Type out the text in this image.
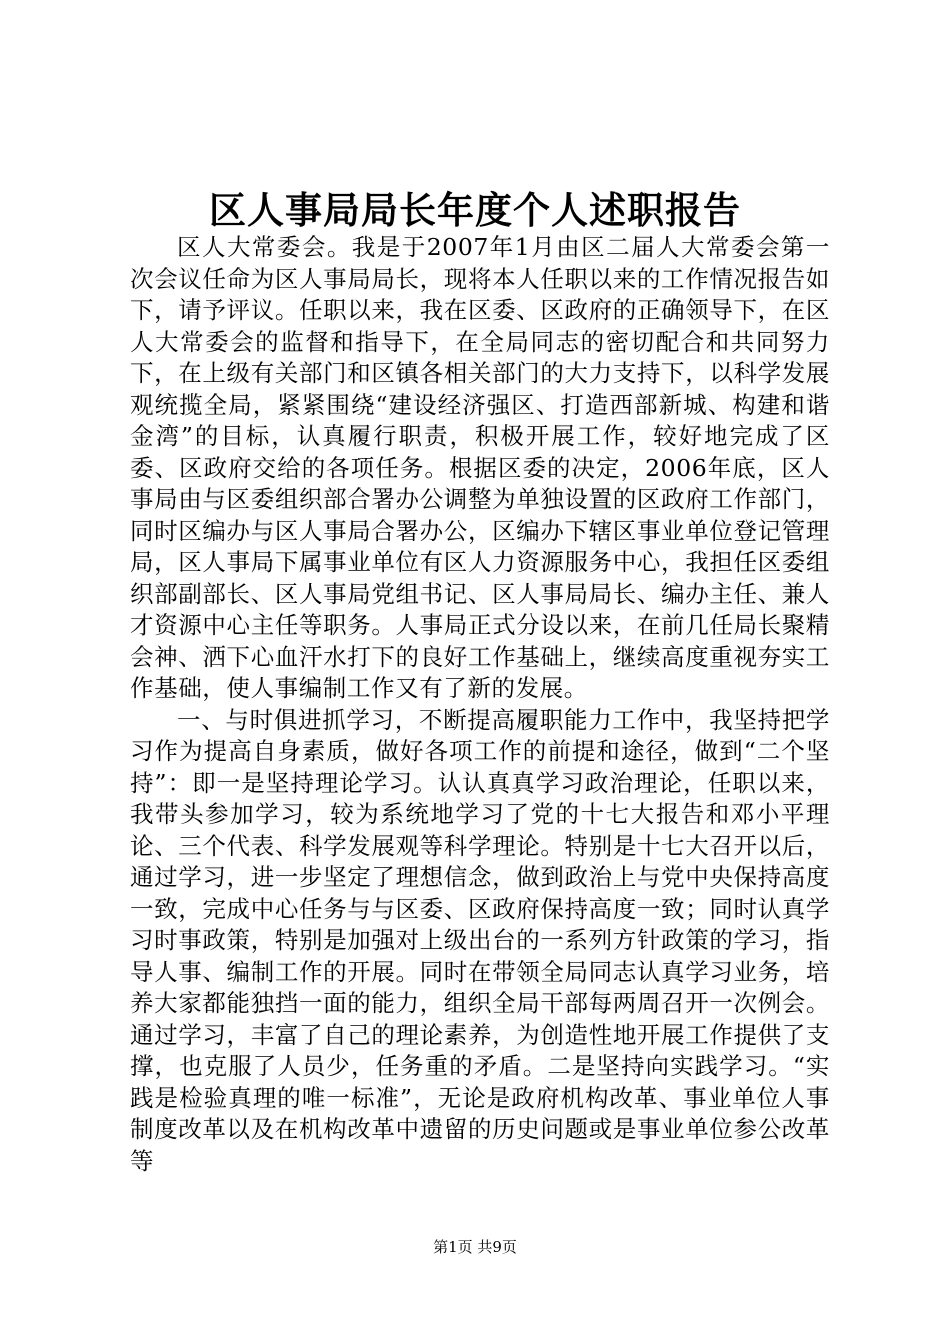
区人事局局长年度个人述职报告

区人大常委会。我是于2007年1月由区二届人大常委会第一次会议任命为区人事局局长，现将本人任职以来的工作情况报告如下，请予评议。任职以来，我在区委、区政府的正确领导下，在区人大常委会的监督和指导下，在全局同志的密切配合和共同努力下，在上级有关部门和区镇各相关部门的大力支持下，以科学发展观统揽全局，紧紧围绕“建设经济强区、打造西部新城、构建和谐金湾”的目标，认真履行职责，积极开展工作，较好地完成了区委、区政府交给的各项任务。根据区委的决定，2006年底，区人事局由与区委组织部合署办公调整为单独设置的区政府工作部门，同时区编办与区人事局合署办公，区编办下辖区事业单位登记管理局，区人事局下属事业单位有区人力资源服务中心，我担任区委组织部副部长、区人事局党组书记、区人事局局长、编办主任、兼人才资源中心主任等职务。人事局正式分设以来，在前几任局长聚精会神、洒下心血汗水打下的良好工作基础上，继续高度重视夯实工作基础，使人事编制工作又有了新的发展。

一、与时俱进抓学习，不断提高履职能力工作中，我坚持把学习作为提高自身素质，做好各项工作的前提和途径，做到“二个坚持”：即一是坚持理论学习。认认真真学习政治理论，任职以来，我带头参加学习，较为系统地学习了党的十七大报告和邓小平理论、三个代表、科学发展观等科学理论。特别是十七大召开以后，通过学习，进一步坚定了理想信念，做到政治上与党中央保持高度一致，完成中心任务与与区委、区政府保持高度一致；同时认真学习时事政策，特别是加强对上级出台的一系列方针政策的学习，指导人事、编制工作的开展。同时在带领全局同志认真学习业务，培养大家都能独挡一面的能力，组织全局干部每两周召开一次例会。通过学习，丰富了自己的理论素养，为创造性地开展工作提供了支撑，也克服了人员少，任务重的矛盾。二是坚持向实践学习。“实践是检验真理的唯一标准”，无论是政府机构改革、事业单位人事制度改革以及在机构改革中遗留的历史问题或是事业单位参公改革等

第1页 共9页
